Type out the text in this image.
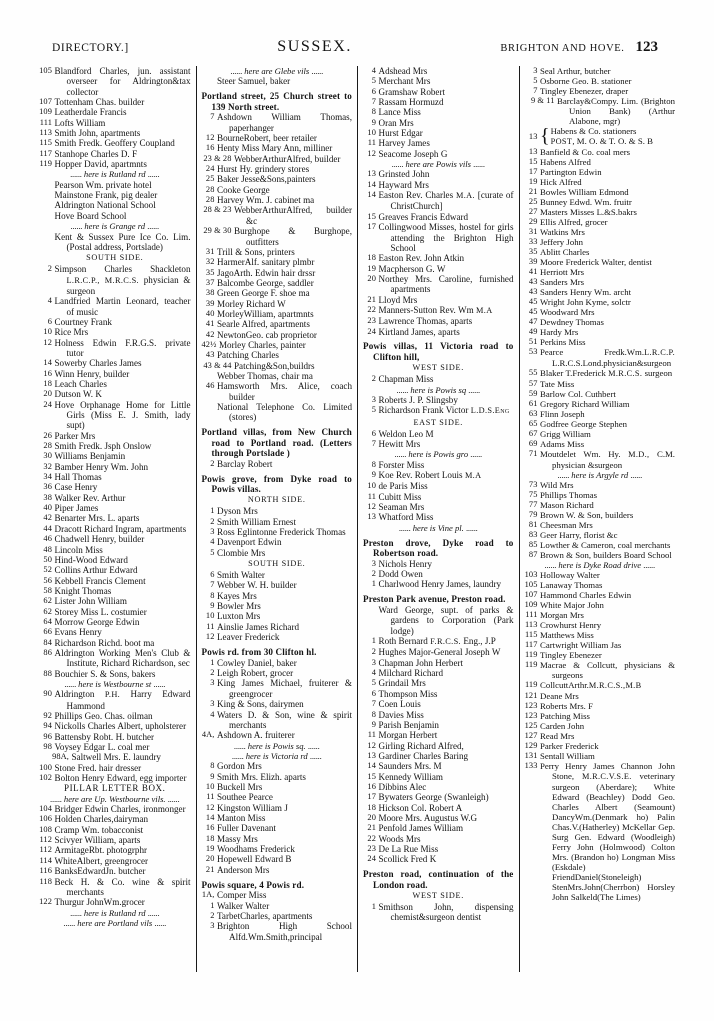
DIRECTORY.]	SUSSEX.	BRIGHTON AND HOVE. 123
105 Blandford Charles, jun. assistant overseer for Aldrington&tax collector
107 Tottenham Chas. builder
109 Leatherdale Francis
111 Lofts William
113 Smith John, apartments
115 Smith Fredk. Geoffery Coupland
117 Stanhope Charles D. F
119 Hopper David, apartmnts
...... here is Rutland rd ......
Pearson Wm. private hotel
Mainstone Frank, pig dealer
Aldrington National School
Hove Board School
...... here is Grange rd ......
Kent & Sussex Pure Ice Co. Lim. (Postal address, Portslade)
SOUTH SIDE.
2 Simpson Charles Shackleton L.R.C.P., M.R.C.S. physician & surgeon
4 Landfried Martin Leonard, teacher of music
6 Courtney Frank
10 Rice Mrs
12 Holness Edwin F.R.G.S. private tutor
14 Sowerby Charles James
16 Winn Henry, builder
18 Leach Charles
20 Dutson W. K
24 Hove Orphanage Home for Little Girls (Miss E. J. Smith, lady supt)
26 Parker Mrs
28 Smith Fredk. Jsph Onslow
30 Williams Benjamin
32 Bamber Henry Wm. John
34 Hall Thomas
36 Case Henry
38 Walker Rev. Arthur
40 Piper James
42 Benarter Mrs. L. aparts
44 Dracott Richard Ingram, apartments
46 Chadwell Henry, builder
48 Lincoln Miss
50 Hind-Wood Edward
52 Collins Arthur Edward
56 Kebbell Francis Clement
58 Knight Thomas
62 Lister John William
62 Storey Miss L. costumier
64 Morrow George Edwin
66 Evans Henry
84 Richardson Richd. boot ma
86 Aldrington Working Men's Club & Institute, Richard Richardson, sec
88 Bouchier S. & Sons, bakers
...... here is Westbourne st ......
90 Aldrington P.H. Harry Edward Hammond
92 Phillips Geo. Chas. oilman
94 Nickolls Charles Albert, upholsterer
96 Battensby Robt. H. butcher
98 Voysey Edgar L. coal mer
98A, Saltwell Mrs. E. laundry
100 Stone Fred. hair dresser
102 Bolton Henry Edward, egg importer
PILLAR LETTER BOX.
...... here are Up. Westbourne vils. ......
104 Bridger Edwin Charles, ironmonger
106 Holden Charles,dairyman
108 Cramp Wm. tobacconist
112 Scivyer William, aparts
112 ArmitageRbt. photogrphr
114 WhiteAlbert, greengrocer
116 BanksEdwardJn. butcher
118 Beck H. & Co. wine & spirit merchants
122 Thurgur JohnWm.grocer
...... here is Rutland rd ......
...... here are Portland vils ......
...... here are Glebe vils ......
Steer Samuel, baker
Portland street, 25 Church street to 139 North street.
7 Ashdown William Thomas, paperhanger
12 BourneRobert, beer retailer
16 Henty Miss Mary Ann, milliner
23 & 28 WebberArthurAlfred, builder
24 Hurst Hy. grindery stores
25 Baker Jesse&Sons,painters
28 Cooke George
28 Harvey Wm. J. cabinet ma
28 & 23 WebberArthurAlfred, builder &c
29 & 30 Burghope & Burghope, outfitters
31 Trill & Sons, printers
32 HarmerAlf. sanitary plmbr
35 JagoArth. Edwin hair drssr
37 Balcombe George, saddler
38 Green George F. shoe ma
39 Morley Richard W
40 MorleyWilliam, apartmnts
41 Searle Alfred, apartments
42 NewtonGeo. cab proprietor
42½ Morley Charles, painter
43 Patching Charles
43 & 44 Patching&Son,buildrs
Webber Thomas, chair ma
46 Hamsworth Mrs. Alice, coach builder
National Telephone Co. Limited (stores)
Portland villas, from New Church road to Portland road. (Letters through Portslade )
2 Barclay Robert
Powis grove, from Dyke road to Powis villas.
NORTH SIDE.
1 Dyson Mrs
2 Smith William Ernest
3 Ross Eglintonne Frederick Thomas
4 Davenport Edwin
5 Clombie Mrs
SOUTH SIDE.
6 Smith Walter
7 Webber W. H. builder
8 Kayes Mrs
9 Bowler Mrs
10 Luxton Mrs
11 Ainslie James Richard
12 Leaver Frederick
Powis rd. from 30 Clifton hl.
1 Cowley Daniel, baker
2 Leigh Robert, grocer
3 King James Michael, fruiterer & greengrocer
3 King & Sons, dairymen
4 Waters D. & Son, wine & spirit merchants
4A, Ashdown A. fruiterer
...... here is Powis sq. ......
...... here is Victoria rd ......
8 Gordon Mrs
9 Smith Mrs. Elizh. aparts
10 Buckell Mrs
11 Southee Pearce
12 Kingston William J
14 Manton Miss
16 Fuller Davenant
18 Massy Mrs
19 Woodhams Frederick
20 Hopewell Edward B
21 Anderson Mrs
Powis square, 4 Powis rd.
1A, Comper Miss
1 Walker Walter
2 TarbetCharles, apartments
3 Brighton High School Alfd.Wm.Smith,principal
4 Adshead Mrs
5 Merchant Mrs
6 Gramshaw Robert
7 Rassam Hormuzd
8 Lance Miss
9 Oran Mrs
10 Hurst Edgar
11 Harvey James
12 Seacome Joseph G
...... here are Powis vils ......
13 Grinsted John
14 Hayward Mrs
14 Easton Rev. Charles M.A. [curate of ChristChurch]
15 Greaves Francis Edward
17 Collingwood Misses, hostel for girls attending the Brighton High School
18 Easton Rev. John Atkin
19 Macpherson G. W
20 Northey Mrs. Caroline, furnished apartments
21 Lloyd Mrs
22 Manners-Sutton Rev. Wm M.A
23 Lawrence Thomas, aparts
24 Kirtland James, aparts
Powis villas, 11 Victoria road to Clifton hill,
WEST SIDE.
2 Chapman Miss
...... here is Powis sq ......
3 Roberts J. P. Slingsby
5 Richardson Frank Victor L.D.S.Eng
EAST SIDE.
6 Weldon Leo M
7 Hewitt Mrs
...... here is Powis gro ......
8 Forster Miss
9 Koe Rev. Robert Louis M.A
10 de Paris Miss
11 Cubitt Miss
12 Seaman Mrs
13 Whatford Miss
...... here is Vine pl. ......
Preston drove, Dyke road to Robertson road.
3 Nichols Henry
2 Dodd Owen
1 Charlwood Henry James, laundry
Preston Park avenue, Preston road.
Ward George, supt. of parks & gardens to Corporation (Park lodge)
1 Roth Bernard F.R.C.S. Eng., J.P
2 Hughes Major-General Joseph W
3 Chapman John Herbert
4 Milchard Richard
5 Grindail Mrs
6 Thompson Miss
7 Coen Louis
8 Davies Miss
9 Parish Benjamin
11 Morgan Herbert
12 Girling Richard Alfred,
13 Gardiner Charles Baring
14 Saunders Mrs. M
15 Kennedy William
16 Dibbins Alec
17 Bywaters George (Swanleigh)
18 Hickson Col. Robert A
20 Moore Mrs. Augustus W.G
21 Penfold James William
22 Woods Mrs
23 De La Rue Miss
24 Scollick Fred K
Preston road, continuation of the London road.
WEST SIDE.
1 Smithson John, dispensing chemist&surgeon dentist
3 Seal Arthur, butcher
5 Osborne Geo. B. stationer
7 Tingley Ebenezer, draper
9 & 11 Barclay&Compy. Lim. (Brighton Union Bank) (Arthur Alabone, mgr)
13 { Habens & Co. stationers
POST, M. O. & T. O. & S. B
13 Banfield & Co. coal mers
15 Habens Alfred
17 Partington Edwin
19 Hick Alfred
21 Bowles William Edmond
25 Bunney Edwd. Wm. fruitr
27 Masters Misses L.&S.bakrs
29 Ellis Alfred, grocer
31 Watkins Mrs
33 Jeffery John
35 Ablitt Charles
39 Moore Frederick Walter, dentist
41 Herriott Mrs
43 Sanders Mrs
43 Sanders Henry Wm. archt
45 Wright John Kyme, solctr
45 Woodward Mrs
47 Dewdney Thomas
49 Hardy Mrs
51 Perkins Miss
53 Pearce Fredk.Wm.L.R.C.P. L.R.C.S.Lond.physician&surgeon
55 Blaker T.Frederick M.R.C.S. surgeon
57 Tate Miss
59 Barlow Col. Cuthbert
61 Gregory Richard William
63 Flinn Joseph
65 Godfree George Stephen
67 Grigg William
69 Adams Miss
71 Moutdelet Wm. Hy. M.D., C.M. physician &surgeon
...... here is Argyle rd ......
73 Wild Mrs
75 Phillips Thomas
77 Mason Richard
79 Brown W. & Son, builders
81 Cheesman Mrs
83 Geer Harry, florist &c
85 Lowther & Cameron, coal merchants
87 Brown & Son, builders Board School
...... here is Dyke Road drive ......
103 Holloway Walter
105 Lanaway Thomas
107 Hammond Charles Edwin
109 White Major John
111 Morgan Mrs
113 Crowhurst Henry
115 Matthews Miss
117 Cartwright William Jas
119 Tingley Ebenezer
119 Macrae & Collcutt, physicians & surgeons
119 CollcuttArthr.M.R.C.S.,M.B
121 Deane Mrs
123 Roberts Mrs. F
123 Patching Miss
125 Carden John
127 Read Mrs
129 Parker Frederick
131 Sentall William
133 Perry Henry James Channon John Stone, M.R.C.V.S.E. veterinary surgeon (Aberdare); White Edward (Beachley) Dodd Geo. Charles Albert (Seamount) DancyWm.(Denmark ho) Palin Chas.V.(Hatherley) McKellar Gep. Surg Gen. Edward (Woodleigh) Ferry John (Holmwood) Colton Mrs. (Brandon ho) Longman Miss (Eskdale) FriendDaniel(Stoneleigh) StenMrs.John(Cherrbon) Horsley John Salkeld(The Limes)
